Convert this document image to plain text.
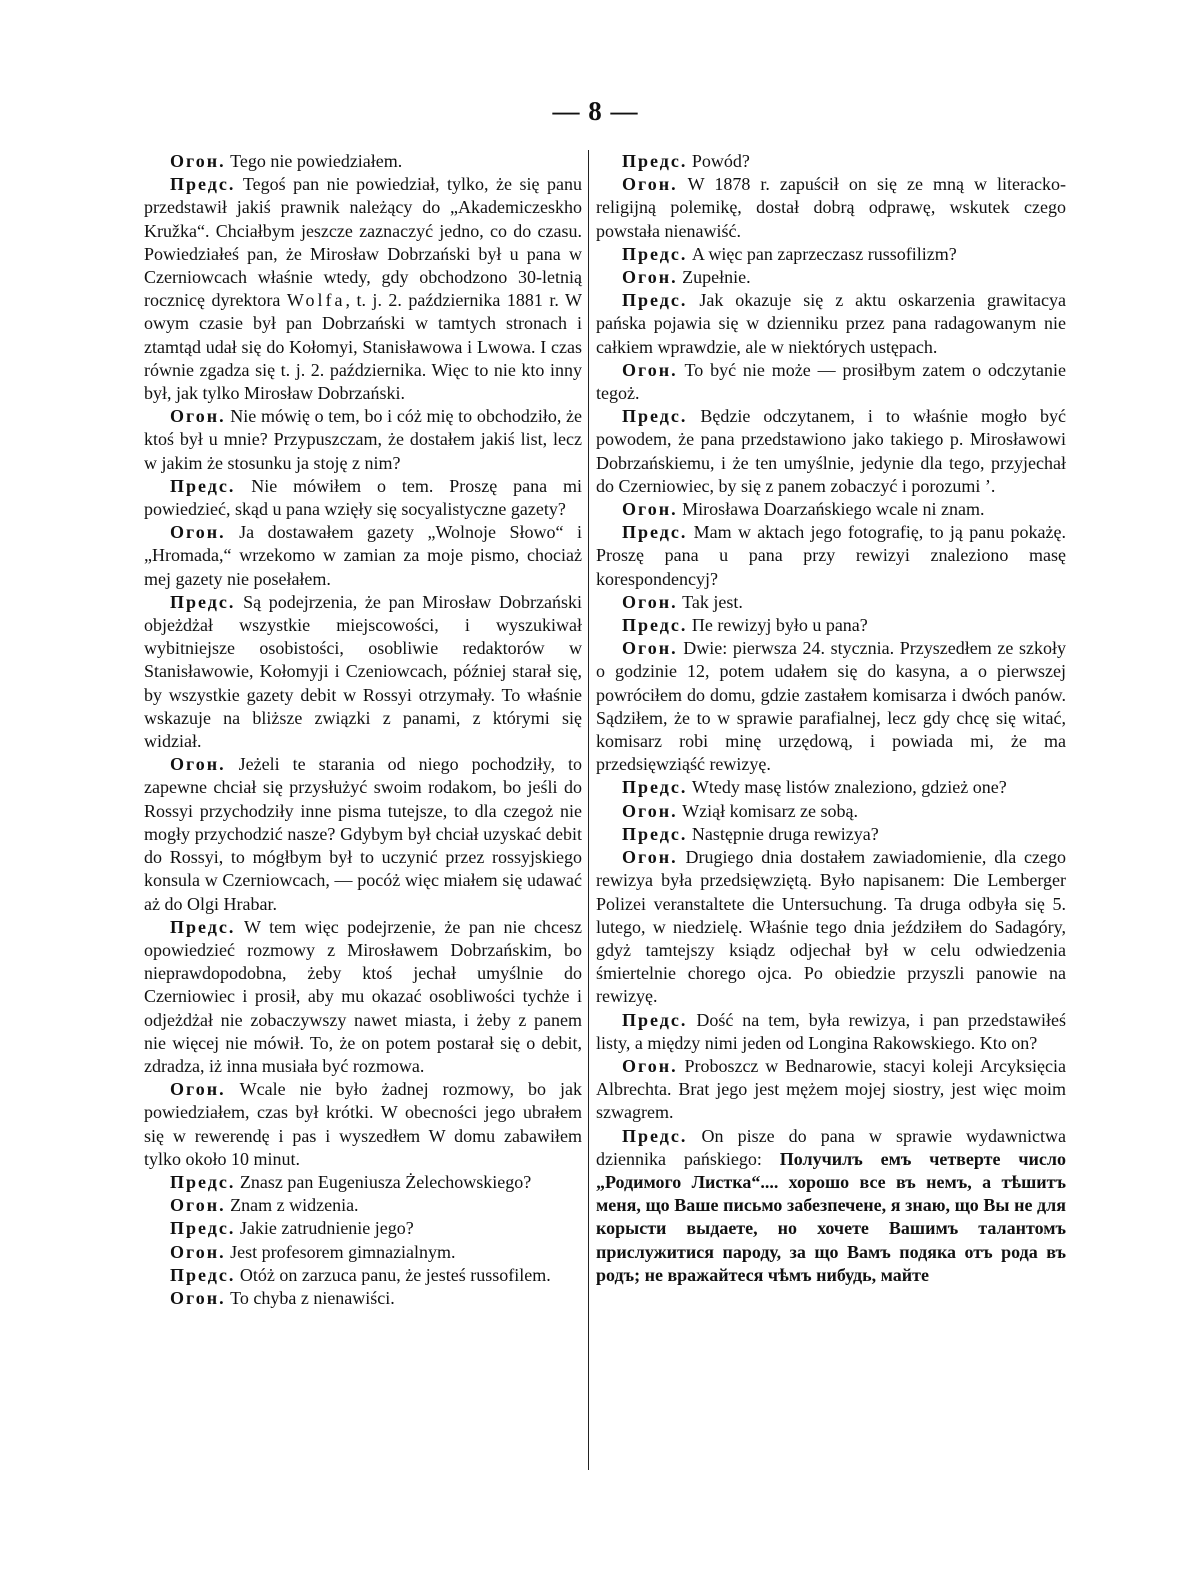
— 8 —

Огон. Tego nie powiedziałem.

Предс. Tegoś pan nie powiedział, tylko, że się panu przedstawił jakiś prawnik należący do „Akademiczeskho Kružka“. Chciałbym jeszcze zaznaczyć jedno, co do czasu. Powiedziałeś pan, że Mirosław Dobrzański był u pana w Czerniowcach właśnie wtedy, gdy obchodzono 30-letnią rocznicę dyrektora Wolfa, t. j. 2. października 1881 r. W owym czasie był pan Dobrzański w tamtych stronach i ztamtąd udał się do Kołomyi, Stanisławowa i Lwowa. I czas równie zgadza się t. j. 2. października. Więc to nie kto inny był, jak tylko Mirosław Dobrzański.

Огон. Nie mówię o tem, bo i cóż mię to obchodziło, że ktoś był u mnie? Przypuszczam, że dostałem jakiś list, lecz w jakim że stosunku ja stoję z nim?

Предс. Nie mówiłem o tem. Proszę pana mi powiedzieć, skąd u pana wzięły się socyalistyczne gazety?

Огон. Ja dostawałem gazety „Wolnoje Słowo“ i „Hromada,“ wrzekomo w zamian za moje pismo, chociaż mej gazety nie posełałem.

Предс. Są podejrzenia, że pan Mirosław Dobrzański objeżdżał wszystkie miejscowości, i wyszukiwał wybitniejsze osobistości, osobliwie redaktorów w Stanisławowie, Kołomyji i Czeniowcach, później starał się, by wszystkie gazety debit w Rossyi otrzymały. To właśnie wskazuje na bliższe związki z panami, z którymi się widział.

Огон. Jeżeli te starania od niego pochodziły, to zapewne chciał się przysłużyć swoim rodakom, bo jeśli do Rossyi przychodziły inne pisma tutejsze, to dla czegoż nie mogły przychodzić nasze? Gdybym był chciał uzyskać debit do Rossyi, to mógłbym był to uczynić przez rossyjskiego konsula w Czerniowcach, — pocóż więc miałem się udawać aż do Olgi Hrabar.

Предс. W tem więc podejrzenie, że pan nie chcesz opowiedzieć rozmowy z Mirosławem Dobrzańskim, bo nieprawdopodobna, żeby ktoś jechał umyślnie do Czerniowiec i prosił, aby mu okazać osobliwości tychże i odjeżdżał nie zobaczywszy nawet miasta, i żeby z panem nie więcej nie mówił. To, że on potem postarał się o debit, zdradza, iż inna musiała być rozmowa.

Огон. Wcale nie było żadnej rozmowy, bo jak powiedziałem, czas był krótki. W obecności jego ubrałem się w rewerendę i pas i wyszedłem W domu zabawiłem tylko około 10 minut.

Предс. Znasz pan Eugeniusza Żelechowskiego?

Огон. Znam z widzenia.

Предс. Jakie zatrudnienie jego?

Огон. Jest profesorem gimnazialnym.

Предс. Otóż on zarzuca panu, że jesteś russofilem.

Огон. To chyba z nienawiści.

Предс. Powód?

Огон. W 1878 r. zapuścił on się ze mną w literacko-religijną polemikę, dostał dobrą odprawę, wskutek czego powstała nienawiść.

Предс. A więc pan zaprzeczasz russofilizm?

Огон. Zupełnie.

Предс. Jak okazuje się z aktu oskarzenia grawitacya pańska pojawia się w dzienniku przez pana radagowanym nie całkiem wprawdzie, ale w niektórych ustępach.

Огон. To być nie może — prosiłbym zatem o odczytanie tegoż.

Предс. Będzie odczytanem, i to właśnie mogło być powodem, że pana przedstawiono jako takiego p. Mirosławowi Dobrzańskiemu, i że ten umyślnie, jedynie dla tego, przyjechał do Czerniowiec, by się z panem zobaczyć i porozumi ’.

Огон. Mirosława Doarzańskiego wcale ni znam.

Предс. Mam w aktach jego fotografię, to ją panu pokażę. Proszę pana u pana przy rewizyi znaleziono masę korespondencyj?

Огон. Tak jest.

Предс. Пе rewizyj było u pana?

Огон. Dwie: pierwsza 24. stycznia. Przyszedłem ze szkoły o godzinie 12, potem udałem się do kasyna, a o pierwszej powróciłem do domu, gdzie zastałem komisarza i dwóch panów. Sądziłem, że to w sprawie parafialnej, lecz gdy chcę się witać, komisarz robi minę urzędową, i powiada mi, że ma przedsięwziąść rewizyę.

Предс. Wtedy masę listów znaleziono, gdzież one?

Огон. Wziął komisarz ze sobą.

Предс. Następnie druga rewizya?

Огон. Drugiego dnia dostałem zawiadomienie, dla czego rewizya była przedsięwziętą. Było napisanem: Die Lemberger Polizei veranstaltete die Untersuchung. Ta druga odbyła się 5. lutego, w niedzielę. Właśnie tego dnia jeździłem do Sadagóry, gdyż tamtejszy ksiądz odjechał był w celu odwiedzenia śmiertelnie chorego ojca. Po obiedzie przyszli panowie na rewizyę.

Предс. Dość na tem, była rewizya, i pan przedstawiłeś listy, a między nimi jeden od Longina Rakowskiego. Kto on?

Огон. Proboszcz w Bednarowie, stacyi kolejі Arcyksięcia Albrechta. Brat jego jest mężem mojej siostry, jest więc moim szwagrem.

Предс. On pisze do pana w sprawie wydawnictwa dziennika pańskiego: Получилъ емъ четверте число „Родимого Листка“.... хорошо все въ немъ, а тѣшитъ меня, що Ваше письмо забезпечене, я знаю, що Вы не для корысти выдаете, но хочете Вашимъ талантомъ прислужитися пароду, за що Вамъ подяка отъ рода въ родъ; не вражайтеся чѣмъ нибудь, майте
